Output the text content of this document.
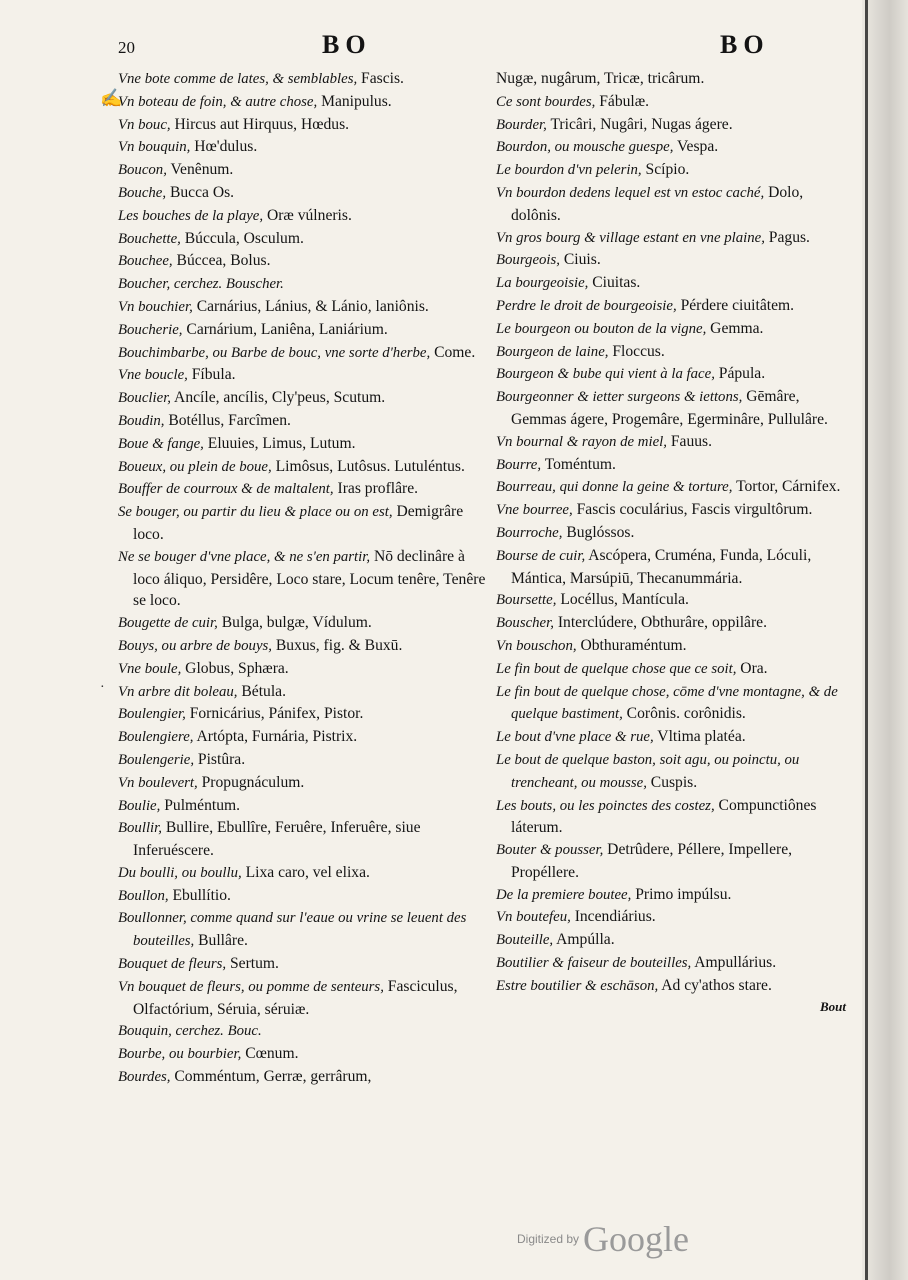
20	BO	BO
✍
·
Vne bote comme de lates, & semblables, Fascis.
Vn boteau de foin, & autre chose, Manipulus.
Vn bouc, Hircus aut Hirquus, Hœdus.
Vn bouquin, Hœ'dulus.
Boucon, Venênum.
Bouche, Bucca Os.
Les bouches de la playe, Oræ vúlneris.
Bouchette, Búccula, Osculum.
Bouchee, Búccea, Bolus.
Boucher, cerchez. Bouscher.
Vn bouchier, Carnárius, Lánius, & Lánio, laniônis.
Boucherie, Carnárium, Laniêna, Laniárium.
Bouchimbarbe, ou Barbe de bouc, vne sorte d'herbe, Come.
Vne boucle, Fíbula.
Bouclier, Ancíle, ancílis, Cly'peus, Scutum.
Boudin, Botéllus, Farcîmen.
Boue & fange, Eluuies, Limus, Lutum.
Boueux, ou plein de boue, Limôsus, Lutôsus. Lutuléntus.
Bouffer de courroux & de maltalent, Iras proflâre.
Se bouger, ou partir du lieu & place ou on est, Demigrâre loco.
Ne se bouger d'vne place, & ne s'en partir, Nō declinâre à loco áliquo, Persidêre, Loco stare, Locum tenêre, Tenêre se loco.
Bougette de cuir, Bulga, bulgæ, Vídulum.
Bouys, ou arbre de bouys, Buxus, fig. & Buxū.
Vne boule, Globus, Sphæra.
Vn arbre dit boleau, Bétula.
Boulengier, Fornicárius, Pánifex, Pistor.
Boulengiere, Artópta, Furnária, Pistrix.
Boulengerie, Pistûra.
Vn boulevert, Propugnáculum.
Boulie, Pulméntum.
Boullir, Bullire, Ebullîre, Feruêre, Inferuêre, siue Inferuéscere.
Du boulli, ou boullu, Lixa caro, vel elixa.
Boullon, Ebullítio.
Boullonner, comme quand sur l'eaue ou vrine se leuent des bouteilles, Bullâre.
Bouquet de fleurs, Sertum.
Vn bouquet de fleurs, ou pomme de senteurs, Fasciculus, Olfactórium, Séruia, séruiæ.
Bouquin, cerchez. Bouc.
Bourbe, ou bourbier, Cœnum.
Bourdes, Comméntum, Gerræ, gerrârum,
Nugæ, nugârum, Tricæ, tricârum.
Ce sont bourdes, Fábulæ.
Bourder, Tricâri, Nugâri, Nugas ágere.
Bourdon, ou mousche guespe, Vespa.
Le bourdon d'vn pelerin, Scípio.
Vn bourdon dedens lequel est vn estoc caché, Dolo, dolônis.
Vn gros bourg & village estant en vne plaine, Pagus.
Bourgeois, Ciuis.
La bourgeoisie, Ciuitas.
Perdre le droit de bourgeoisie, Pérdere ciuitâtem.
Le bourgeon ou bouton de la vigne, Gemma.
Bourgeon de laine, Floccus.
Bourgeon & bube qui vient à la face, Pápula.
Bourgeonner & ietter surgeons & iettons, Gēmâre, Gemmas ágere, Progemâre, Egerminâre, Pullulâre.
Vn bournal & rayon de miel, Fauus.
Bourre, Toméntum.
Bourreau, qui donne la geine & torture, Tortor, Cárnifex.
Vne bourree, Fascis coculárius, Fascis virgultôrum.
Bourroche, Buglóssos.
Bourse de cuir, Ascópera, Cruména, Funda, Lóculi, Mántica, Marsúpiū, Thecanummária.
Boursette, Locéllus, Mantícula.
Bouscher, Interclúdere, Obthurâre, oppilâre.
Vn bouschon, Obthuraméntum.
Le fin bout de quelque chose que ce soit, Ora.
Le fin bout de quelque chose, cōme d'vne montagne, & de quelque bastiment, Corônis. corônidis.
Le bout d'vne place & rue, Vltima platéa.
Le bout de quelque baston, soit agu, ou poinctu, ou trencheant, ou mousse, Cuspis.
Les bouts, ou les poinctes des costez, Compunctiônes láterum.
Bouter & pousser, Detrûdere, Péllere, Impellere, Propéllere.
De la premiere boutee, Primo impúlsu.
Vn boutefeu, Incendiárius.
Bouteille, Ampúlla.
Boutilier & faiseur de bouteilles, Ampullárius.
Estre boutilier & eschāson, Ad cy'athos stare.
Bout
Digitized by Google
